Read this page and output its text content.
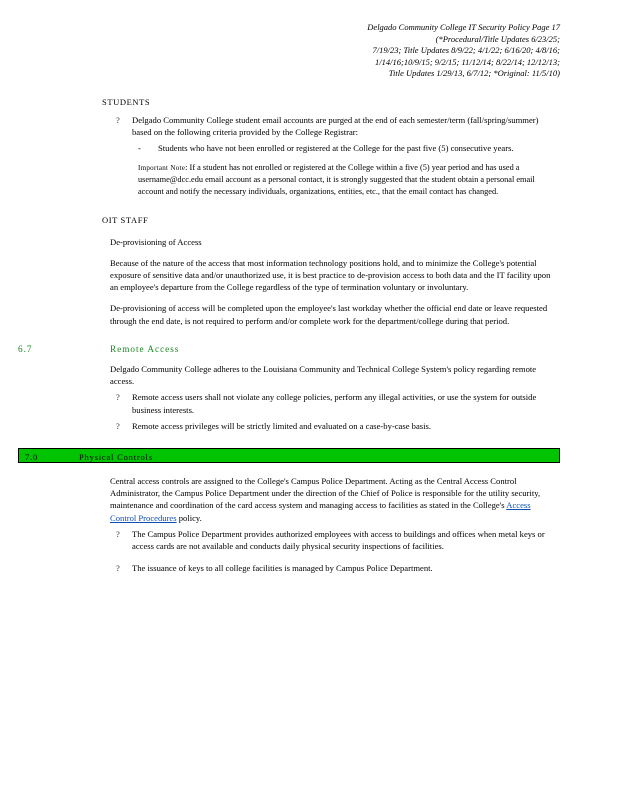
Delgado Community College IT Security Policy Page 17
(*Procedural/Title Updates 6/23/25;
7/19/23; Title Updates 8/9/22; 4/1/22; 6/16/20; 4/8/16;
1/14/16;10/9/15; 9/2/15; 11/12/14; 8/22/14; 12/12/13;
Title Updates 1/29/13, 6/7/12; *Original: 11/5/10)
STUDENTS
?	Delgado Community College student email accounts are purged at the end of each semester/term (fall/spring/summer) based on the following criteria provided by the College Registrar:
-	Students who have not been enrolled or registered at the College for the past five (5) consecutive years.
Important Note: If a student has not enrolled or registered at the College within a five (5) year period and has used a username@dcc.edu email account as a personal contact, it is strongly suggested that the student obtain a personal email account and notify the necessary individuals, organizations, entities, etc., that the email contact has changed.
OIT STAFF
De-provisioning of Access
Because of the nature of the access that most information technology positions hold, and to minimize the College's potential exposure of sensitive data and/or unauthorized use, it is best practice to de-provision access to both data and the IT facility upon an employee's departure from the College regardless of the type of termination voluntary or involuntary.
De-provisioning of access will be completed upon the employee's last workday whether the official end date or leave requested through the end date, is not required to perform and/or complete work for the department/college during that period.
6.7	Remote Access
Delgado Community College adheres to the Louisiana Community and Technical College System's policy regarding remote access.
?	Remote access users shall not violate any college policies, perform any illegal activities, or use the system for outside business interests.
?	Remote access privileges will be strictly limited and evaluated on a case-by-case basis.
7.0	Physical Controls
Central access controls are assigned to the College's Campus Police Department. Acting as the Central Access Control Administrator, the Campus Police Department under the direction of the Chief of Police is responsible for the utility security, maintenance and coordination of the card access system and managing access to facilities as stated in the College's Access Control Procedures policy.
?	The Campus Police Department provides authorized employees with access to buildings and offices when metal keys or access cards are not available and conducts daily physical security inspections of facilities.
?	The issuance of keys to all college facilities is managed by Campus Police Department.
